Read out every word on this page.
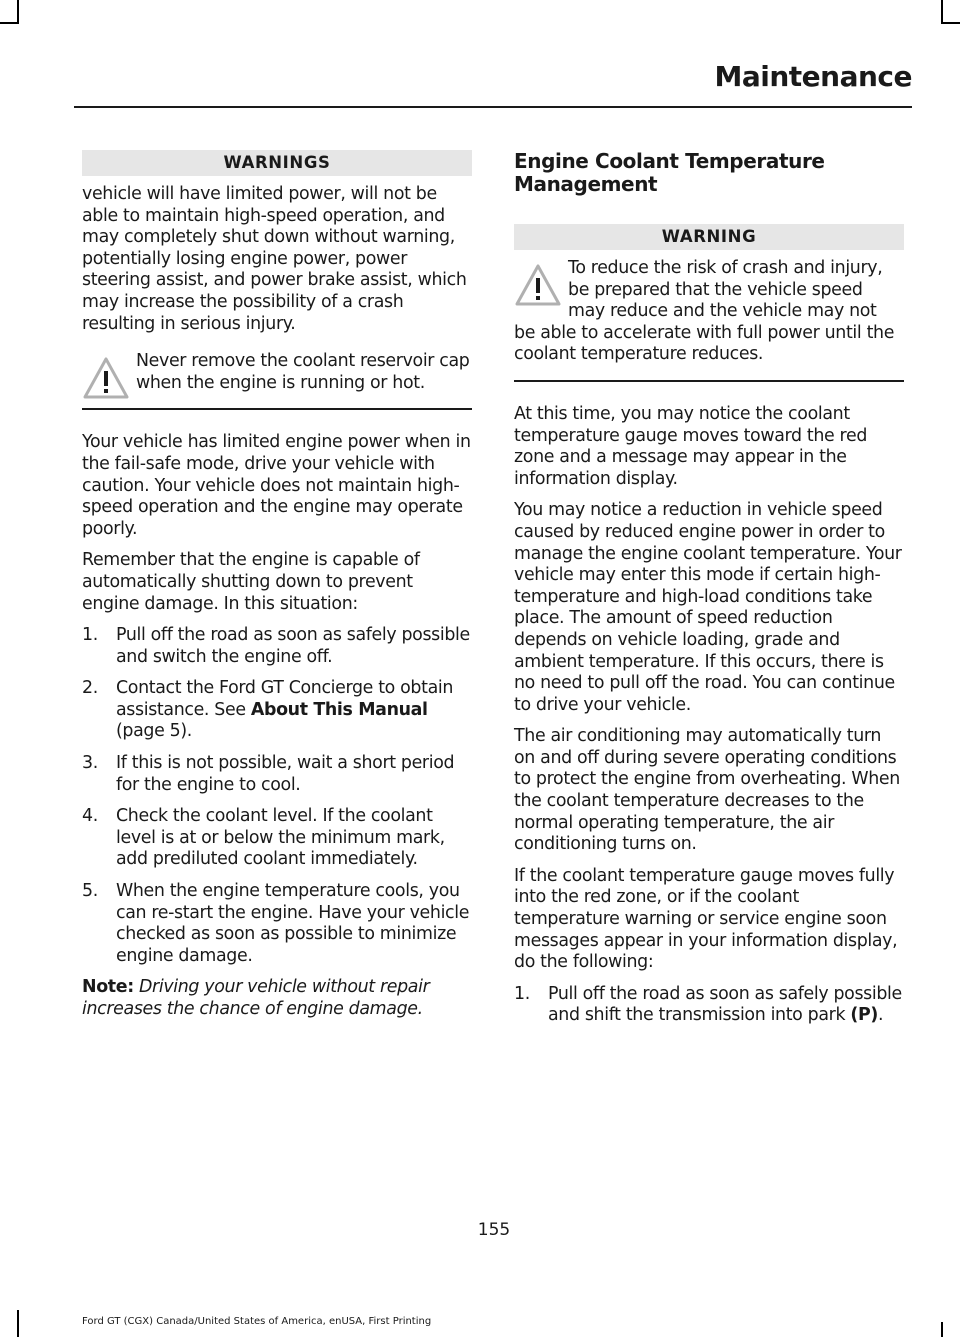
Maintenance
WARNINGS

vehicle will have limited power, will not be able to maintain high-speed operation, and may completely shut down without warning, potentially losing engine power, power steering assist, and power brake assist, which may increase the possibility of a crash resulting in serious injury.

Never remove the coolant reservoir cap when the engine is running or hot.

Your vehicle has limited engine power when in the fail-safe mode, drive your vehicle with caution. Your vehicle does not maintain high-speed operation and the engine may operate poorly.

Remember that the engine is capable of automatically shutting down to prevent engine damage. In this situation:

1. Pull off the road as soon as safely possible and switch the engine off.
2. Contact the Ford GT Concierge to obtain assistance. See About This Manual (page 5).
3. If this is not possible, wait a short period for the engine to cool.
4. Check the coolant level. If the coolant level is at or below the minimum mark, add prediluted coolant immediately.
5. When the engine temperature cools, you can re-start the engine. Have your vehicle checked as soon as possible to minimize engine damage.

Note: Driving your vehicle without repair increases the chance of engine damage.

Engine Coolant Temperature Management
WARNING

To reduce the risk of crash and injury, be prepared that the vehicle speed may reduce and the vehicle may not

be able to accelerate with full power until the coolant temperature reduces.

At this time, you may notice the coolant temperature gauge moves toward the red zone and a message may appear in the information display.

You may notice a reduction in vehicle speed caused by reduced engine power in order to manage the engine coolant temperature. Your vehicle may enter this mode if certain high-temperature and high-load conditions take place. The amount of speed reduction depends on vehicle loading, grade and ambient temperature. If this occurs, there is no need to pull off the road. You can continue to drive your vehicle.

The air conditioning may automatically turn on and off during severe operating conditions to protect the engine from overheating. When the coolant temperature decreases to the normal operating temperature, the air conditioning turns on.

If the coolant temperature gauge moves fully into the red zone, or if the coolant temperature warning or service engine soon messages appear in your information display, do the following:

1. Pull off the road as soon as safely possible and shift the transmission into park (P).
155
Ford GT (CGX) Canada/United States of America, enUSA, First Printing
